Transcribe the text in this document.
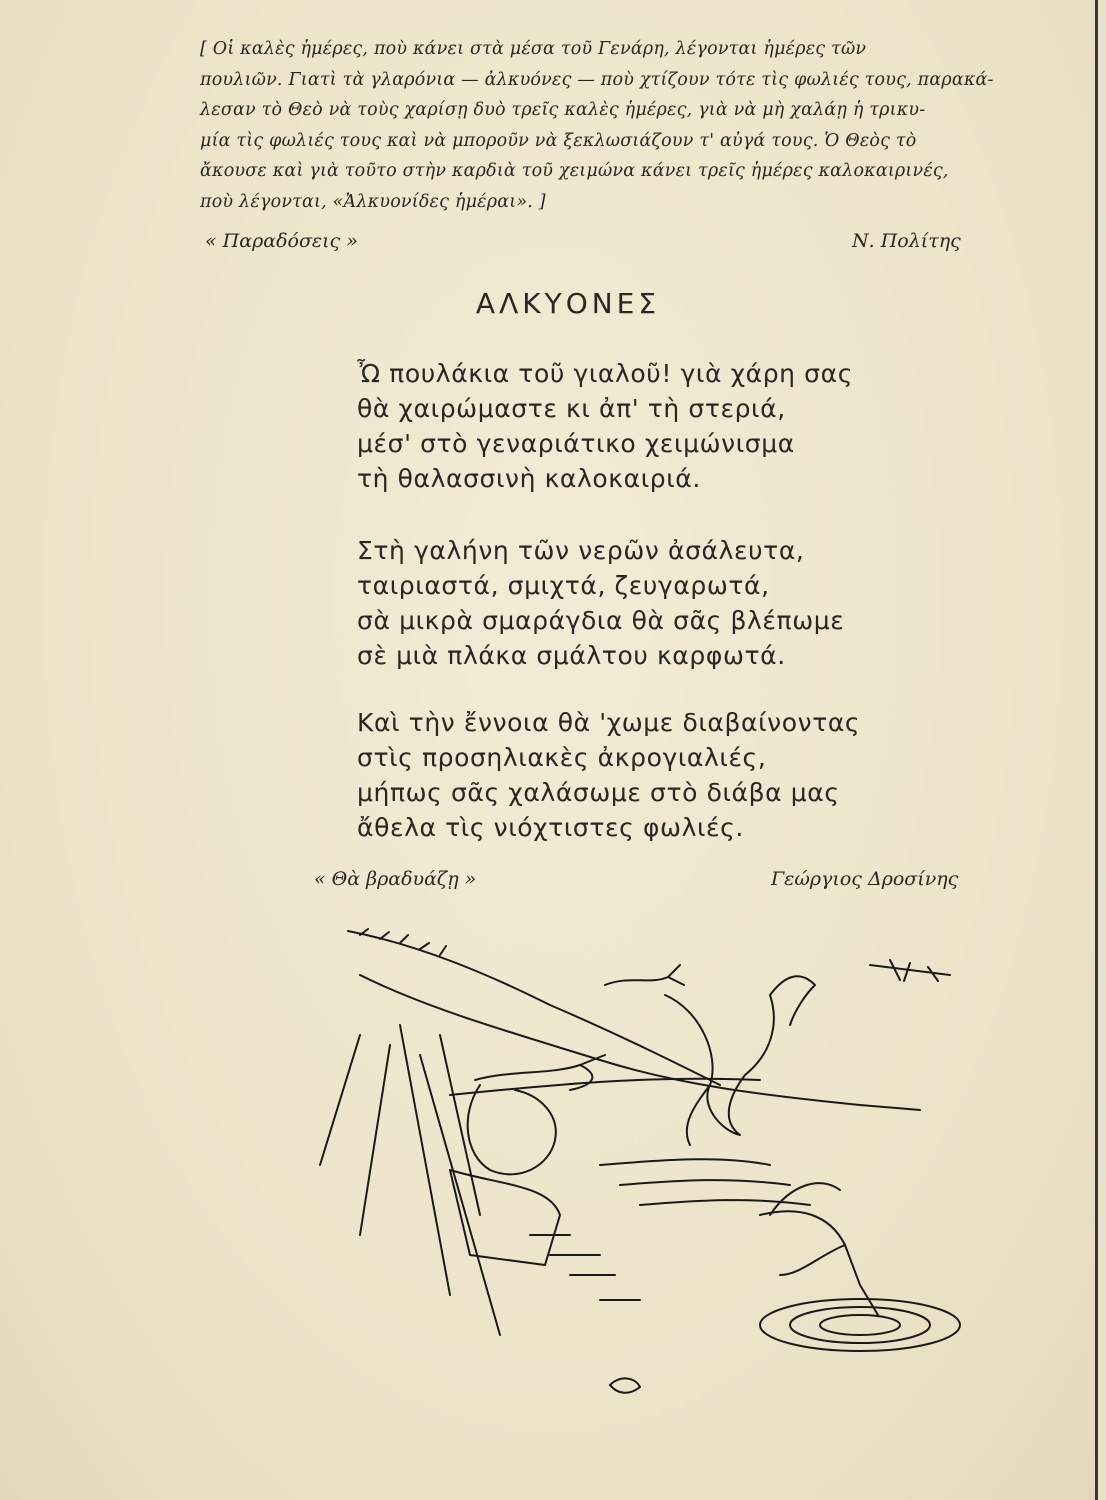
[ Οἱ καλὲς ἡμέρες, ποὺ κάνει στὰ μέσα τοῦ Γενάρη, λέγονται ἡμέρες τῶν
πουλιῶν. Γιατὶ τὰ γλαρόνια — ἀλκυόνες — ποὺ χτίζουν τότε τὶς φωλιές τους, παρακά-
λεσαν τὸ Θεὸ νὰ τοὺς χαρίσῃ δυὸ τρεῖς καλὲς ἡμέρες, γιὰ νὰ μὴ χαλάῃ ἡ τρικυ-
μία τὶς φωλιές τους καὶ νὰ μποροῦν νὰ ξεκλωσιάζουν τ' αὐγά τους. Ὁ Θεὸς τὸ
ἄκουσε καὶ γιὰ τοῦτο στὴν καρδιὰ τοῦ χειμώνα κάνει τρεῖς ἡμέρες καλοκαιρινές,
ποὺ λέγονται, «Ἀλκυονίδες ἡμέραι». ]
« Παραδόσεις »	Ν. Πολίτης
ΑΛΚΥΟΝΕΣ
Ὦ πουλάκια τοῦ γιαλοῦ! γιὰ χάρη σας
θὰ χαιρώμαστε κι ἀπ' τὴ στεριά,
μέσ' στὸ γεναριάτικο χειμώνισμα
τὴ θαλασσινὴ καλοκαιριά.
Στὴ γαλήνη τῶν νερῶν ἀσάλευτα,
ταιριαστά, σμιχτά, ζευγαρωτά,
σὰ μικρὰ σμαράγδια θὰ σᾶς βλέπωμε
σὲ μιὰ πλάκα σμάλτου καρφωτά.
Καὶ τὴν ἔννοια θὰ 'χωμε διαβαίνοντας
στὶς προσηλιακὲς ἀκρογιαλιές,
μήπως σᾶς χαλάσωμε στὸ διάβα μας
ἄθελα τὶς νιόχτιστες φωλιές.
« Θὰ βραδυάζῃ »	Γεώργιος Δροσίνης
